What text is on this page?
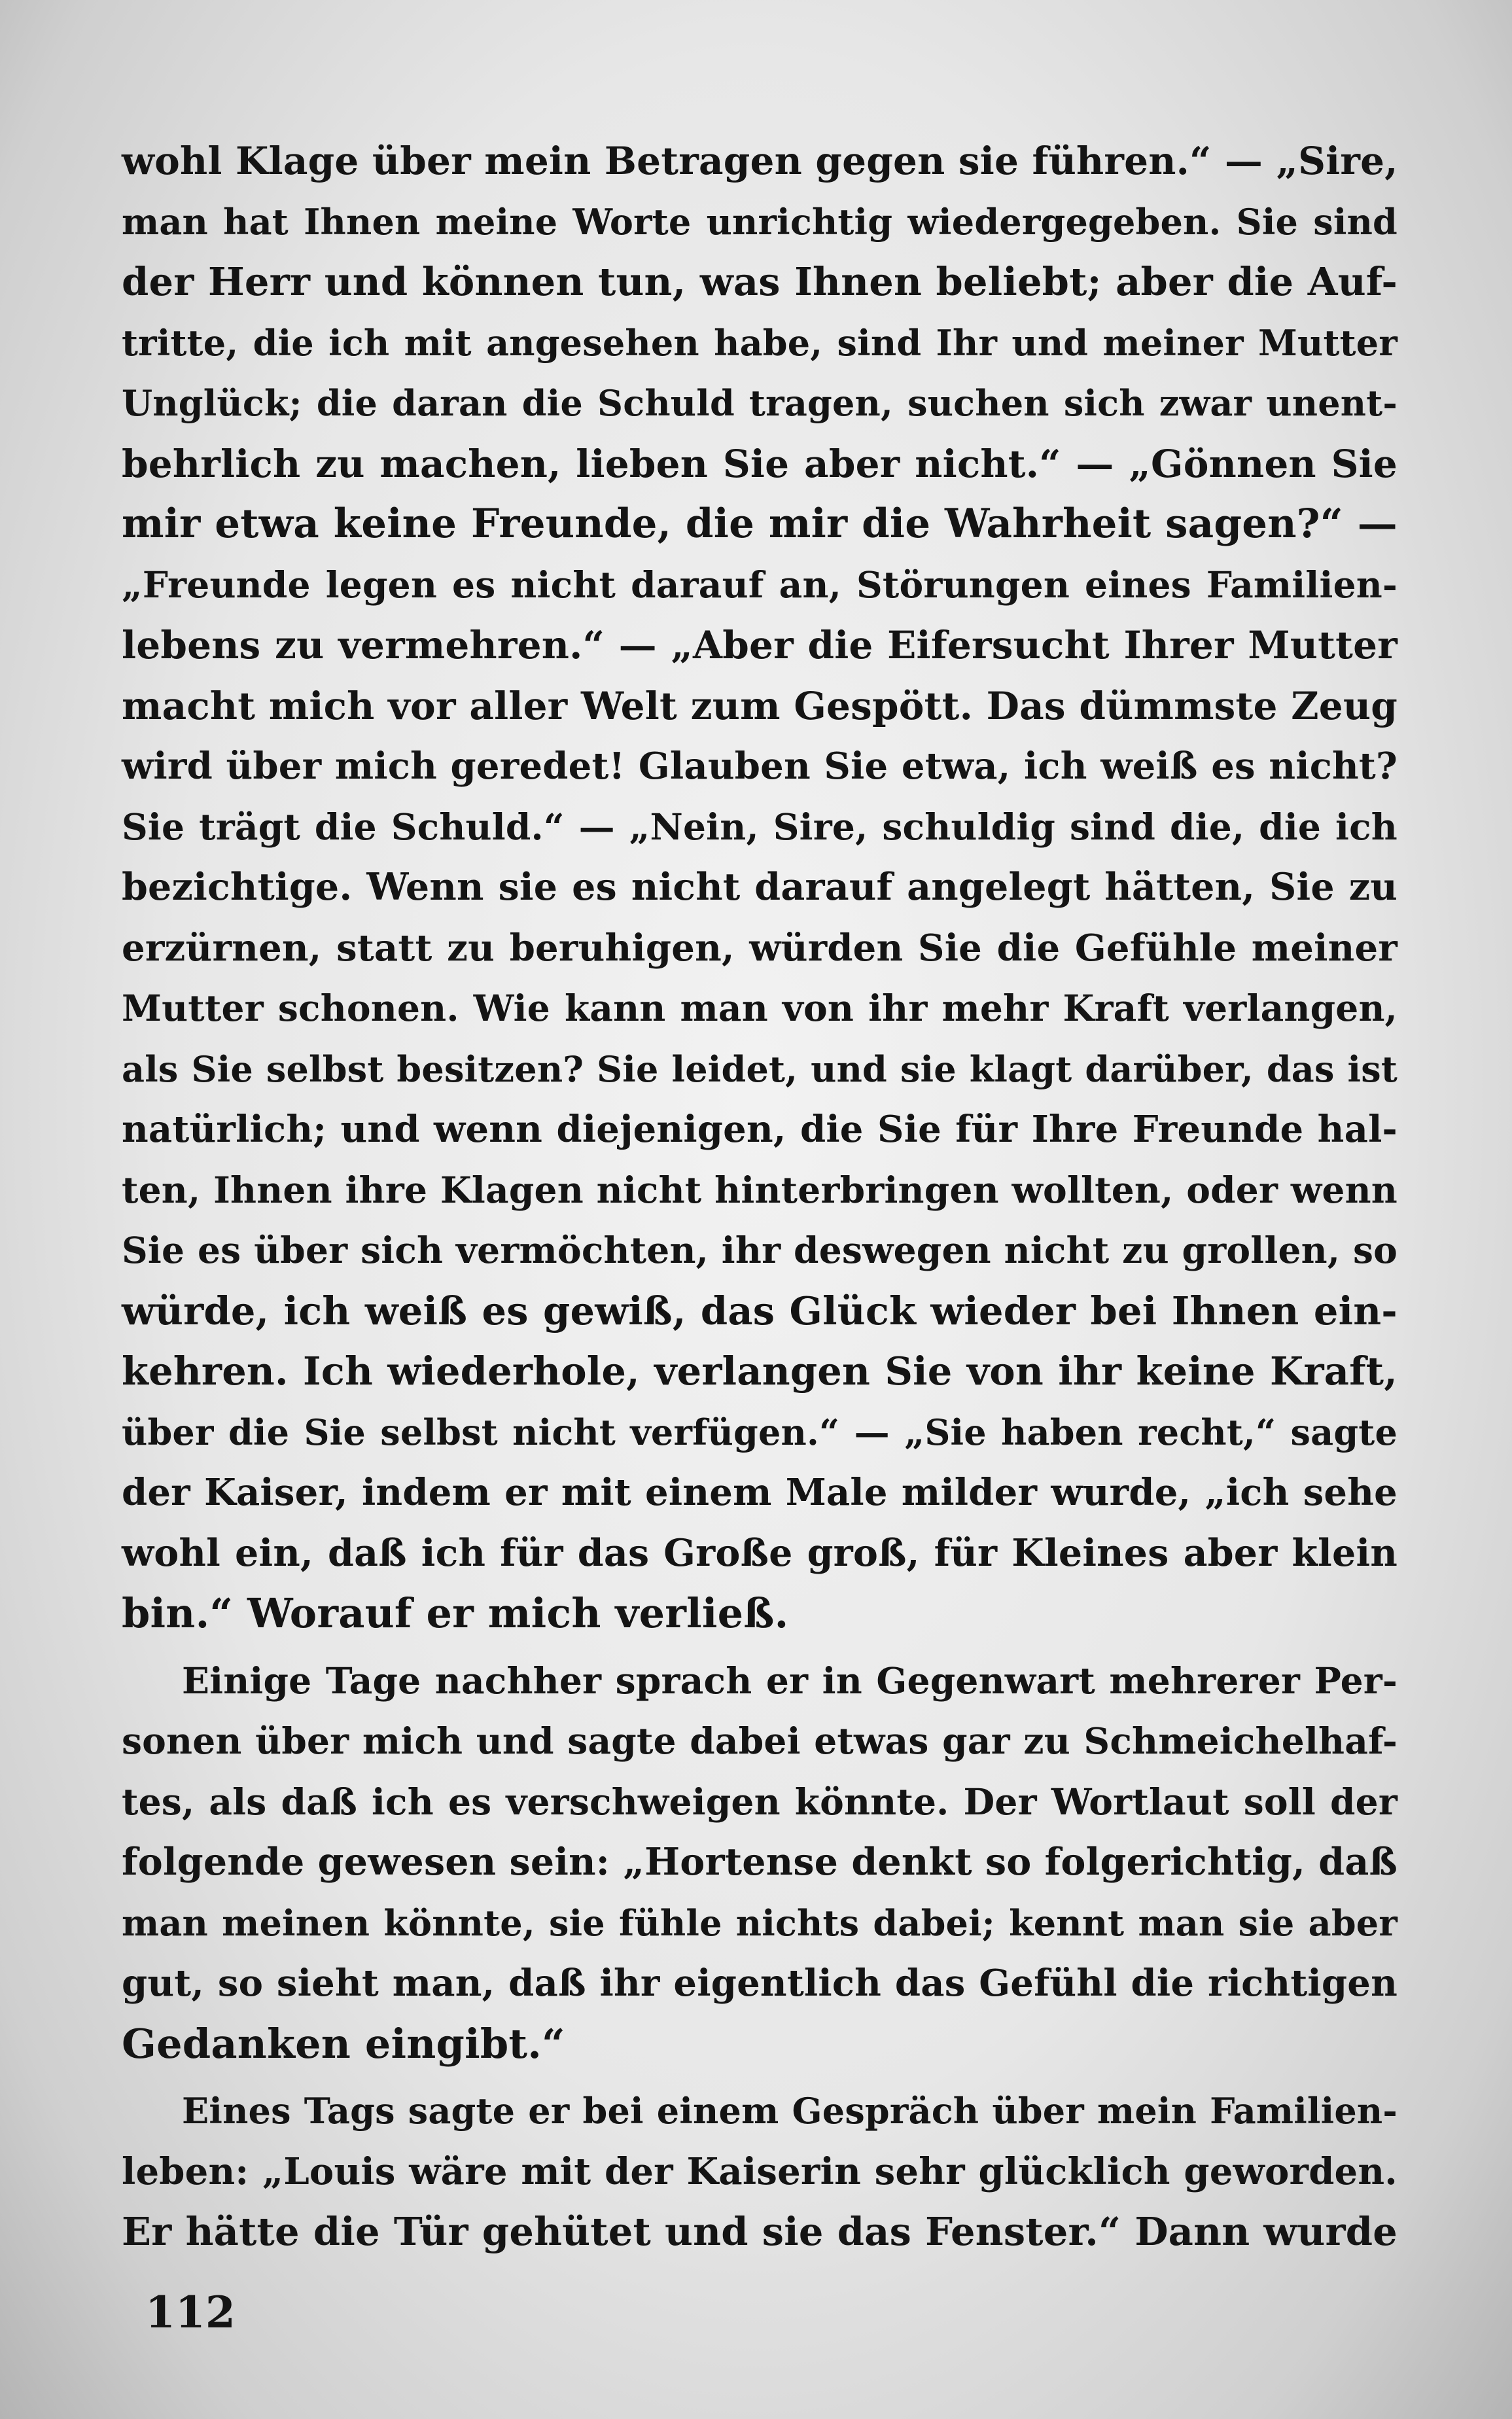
wohl Klage über mein Betragen gegen sie führen.“ — „Sire,
man hat Ihnen meine Worte unrichtig wiedergegeben. Sie sind
der Herr und können tun, was Ihnen beliebt; aber die Auf-
tritte, die ich mit angesehen habe, sind Ihr und meiner Mutter
Unglück; die daran die Schuld tragen, suchen sich zwar unent-
behrlich zu machen, lieben Sie aber nicht.“ — „Gönnen Sie
mir etwa keine Freunde, die mir die Wahrheit sagen?“ —
„Freunde legen es nicht darauf an, Störungen eines Familien-
lebens zu vermehren.“ — „Aber die Eifersucht Ihrer Mutter
macht mich vor aller Welt zum Gespött. Das dümmste Zeug
wird über mich geredet! Glauben Sie etwa, ich weiß es nicht?
Sie trägt die Schuld.“ — „Nein, Sire, schuldig sind die, die ich
bezichtige. Wenn sie es nicht darauf angelegt hätten, Sie zu
erzürnen, statt zu beruhigen, würden Sie die Gefühle meiner
Mutter schonen. Wie kann man von ihr mehr Kraft verlangen,
als Sie selbst besitzen? Sie leidet, und sie klagt darüber, das ist
natürlich; und wenn diejenigen, die Sie für Ihre Freunde hal-
ten, Ihnen ihre Klagen nicht hinterbringen wollten, oder wenn
Sie es über sich vermöchten, ihr deswegen nicht zu grollen, so
würde, ich weiß es gewiß, das Glück wieder bei Ihnen ein-
kehren. Ich wiederhole, verlangen Sie von ihr keine Kraft,
über die Sie selbst nicht verfügen.“ — „Sie haben recht,“ sagte
der Kaiser, indem er mit einem Male milder wurde, „ich sehe
wohl ein, daß ich für das Große groß, für Kleines aber klein
bin.“ Worauf er mich verließ.
Einige Tage nachher sprach er in Gegenwart mehrerer Per-
sonen über mich und sagte dabei etwas gar zu Schmeichelhaf-
tes, als daß ich es verschweigen könnte. Der Wortlaut soll der
folgende gewesen sein: „Hortense denkt so folgerichtig, daß
man meinen könnte, sie fühle nichts dabei; kennt man sie aber
gut, so sieht man, daß ihr eigentlich das Gefühl die richtigen
Gedanken eingibt.“
Eines Tags sagte er bei einem Gespräch über mein Familien-
leben: „Louis wäre mit der Kaiserin sehr glücklich geworden.
Er hätte die Tür gehütet und sie das Fenster.“ Dann wurde
112
